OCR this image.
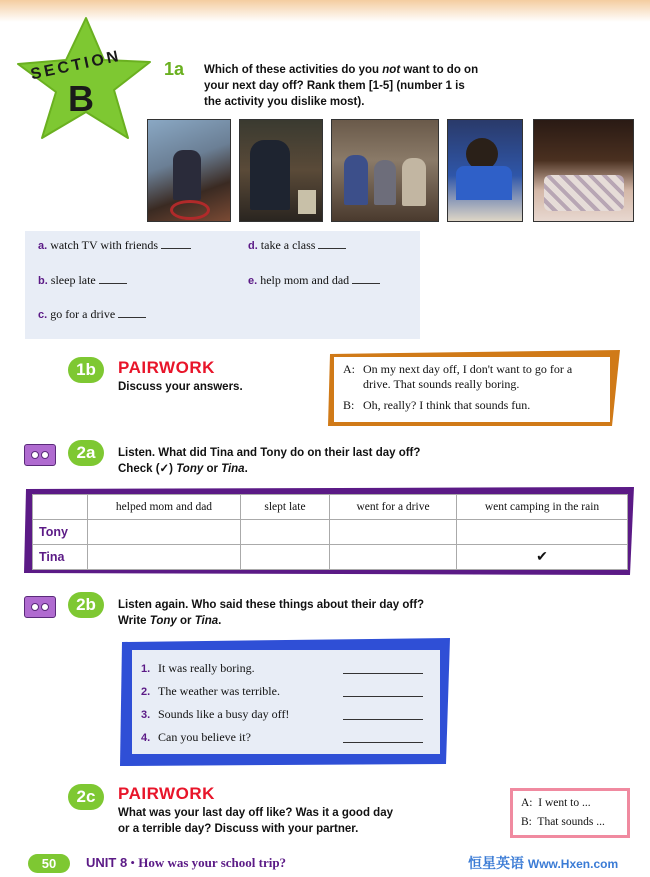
SECTION
B
1a	Which of these activities do you not want to do on
your next day off? Rank them [1-5] (number 1 is
the activity you dislike most).
a. watch TV with friends	d. take a class
b. sleep late	e. help mom and dad
c. go for a drive
1b	PAIRWORK
Discuss your answers.
A: On my next day off, I don't want to go for a
drive. That sounds really boring.
B: Oh, really? I think that sounds fun.
2a	Listen. What did Tina and Tony do on their last day off?
Check (✓) Tony or Tina.
	helped mom and dad	slept late	went for a drive	went camping in the rain
Tony				
Tina				✔
2b	Listen again. Who said these things about their day off?
Write Tony or Tina.
1. It was really boring.
2. The weather was terrible.
3. Sounds like a busy day off!
4. Can you believe it?
2c	PAIRWORK
What was your last day off like? Was it a good day
or a terrible day? Discuss with your partner.
A: I went to ...
B: That sounds ...
50	UNIT 8 • How was your school trip?	恒星英语 Www.Hxen.com
